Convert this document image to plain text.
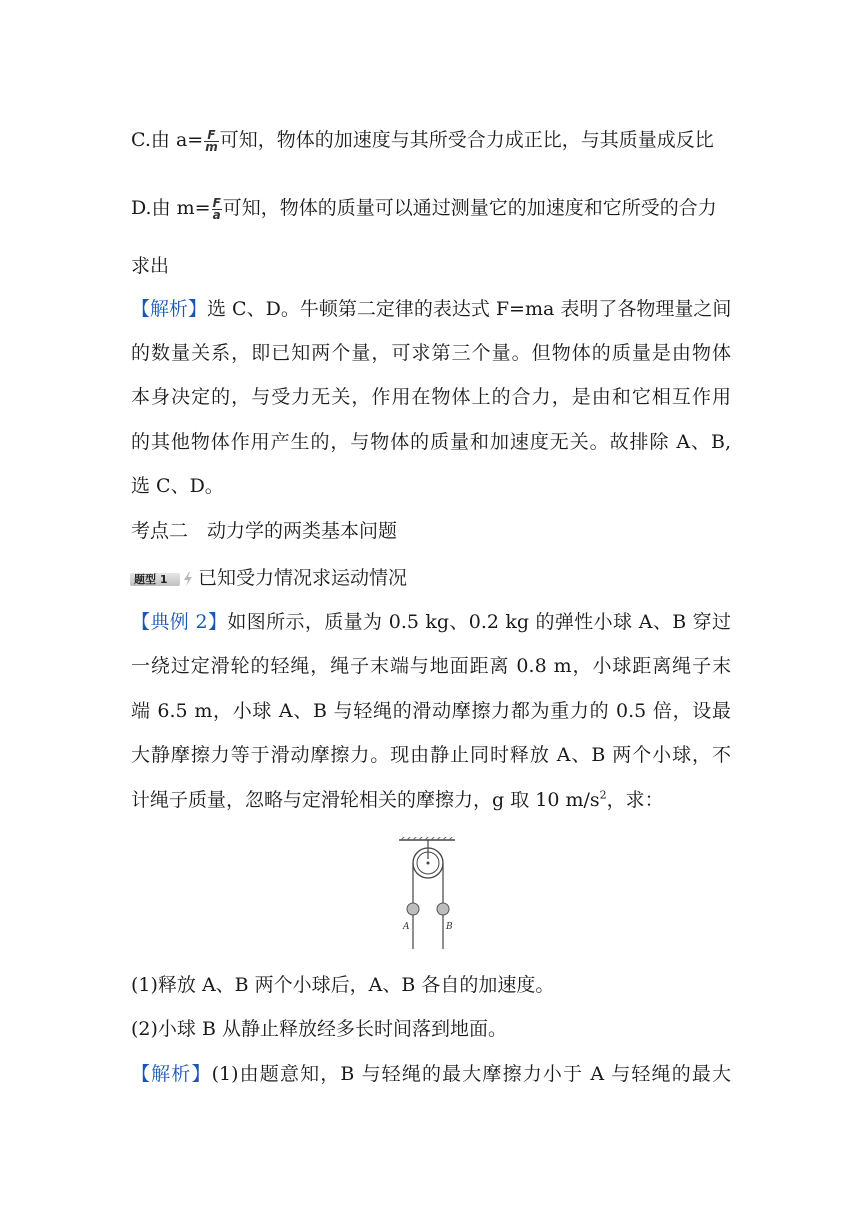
C.由 $a= \frac{F}{m}$ 可知，物体的加速度与其所受合力成正比，与其质量成反比
D.由 $m= \frac{F}{a}$ 可知，物体的质量可以通过测量它的加速度和它所受的合力
求出
【解析】选 C、D。牛顿第二定律的表达式 F=ma 表明了各物理量之间
的数量关系，即已知两个量，可求第三个量。但物体的质量是由物体
本身决定的，与受力无关，作用在物体上的合力，是由和它相互作用
的其他物体作用产生的，与物体的质量和加速度无关。故排除 A、B,
选 C、D。
考点二　动力学的两类基本问题
题型 1 已知受力情况求运动情况
【典例 2】如图所示，质量为 0.5 kg、0.2 kg 的弹性小球 A、B 穿过
一绕过定滑轮的轻绳，绳子末端与地面距离 0.8 m，小球距离绳子末
端 6.5 m，小球 A、B 与轻绳的滑动摩擦力都为重力的 0.5 倍，设最
大静摩擦力等于滑动摩擦力。现由静止同时释放 A、B 两个小球，不
计绳子质量，忽略与定滑轮相关的摩擦力，g 取 10 $m/s^2$，求：
A	B
(1)释放 A、B 两个小球后，A、B 各自的加速度。
(2)小球 B 从静止释放经多长时间落到地面。
【解析】(1)由题意知，B 与轻绳的最大摩擦力小于 A 与轻绳的最大
